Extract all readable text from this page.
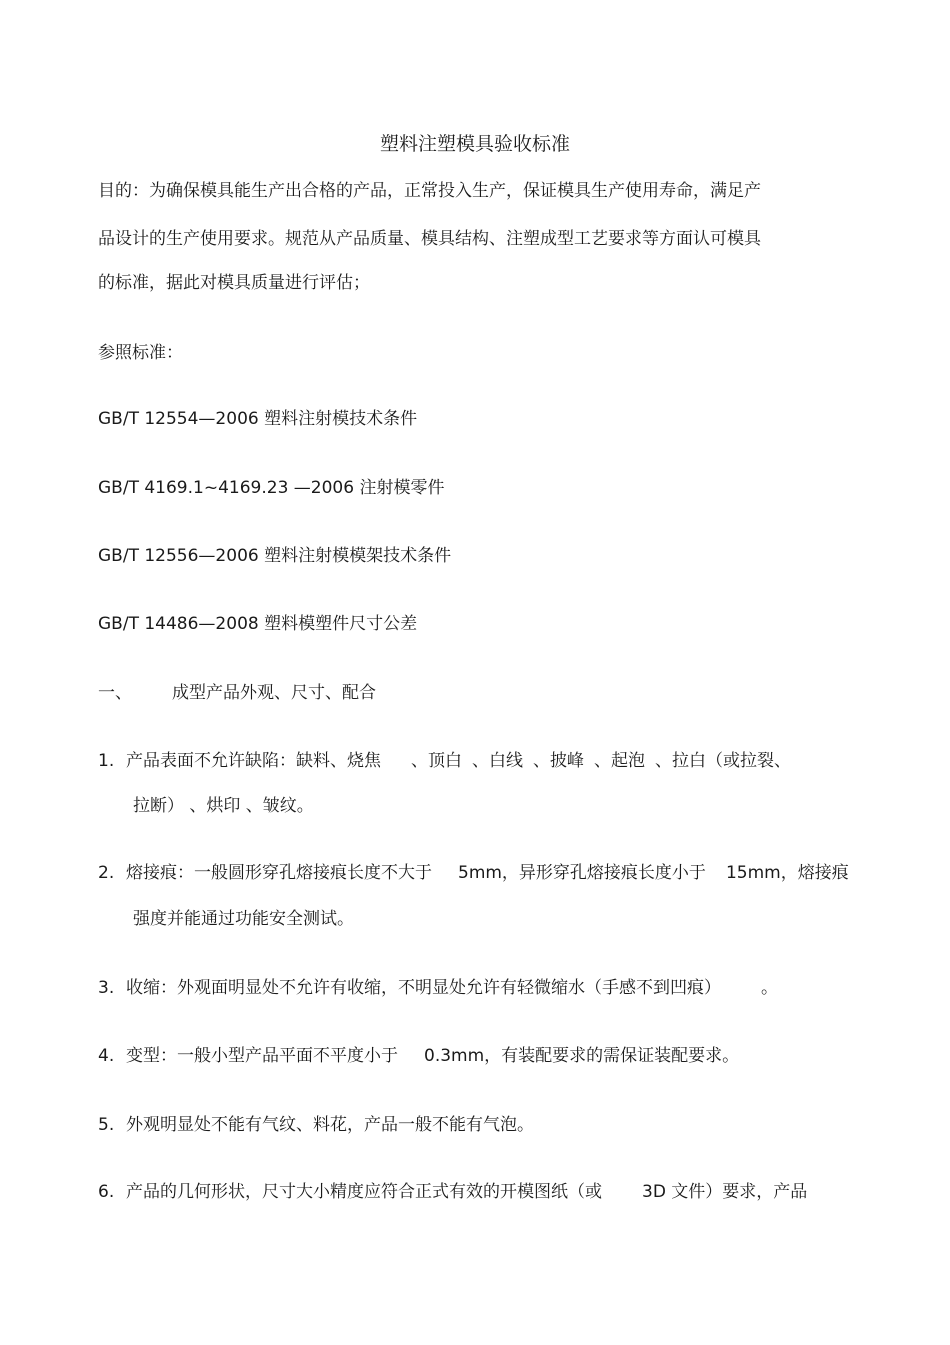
塑料注塑模具验收标准
目的：为确保模具能生产出合格的产品，正常投入生产，保证模具生产使用寿命，满足产
品设计的生产使用要求。规范从产品质量、模具结构、注塑成型工艺要求等方面认可模具
的标准，据此对模具质量进行评估；
参照标准：
GB/T 12554—2006 塑料注射模技术条件
GB/T 4169.1~4169.23 —2006 注射模零件
GB/T 12556—2006 塑料注射模模架技术条件
GB/T 14486—2008 塑料模塑件尺寸公差
一、 成型产品外观、尺寸、配合
1. 产品表面不允许缺陷：缺料、烧焦 、顶白 、白线 、披峰 、起泡 、拉白（或拉裂、
拉断） 、烘印 、皱纹。
2. 熔接痕：一般圆形穿孔熔接痕长度不大于 5mm，异形穿孔熔接痕长度小于 15mm，熔接痕
强度并能通过功能安全测试。
3. 收缩：外观面明显处不允许有收缩，不明显处允许有轻微缩水（手感不到凹痕） 。
4. 变型：一般小型产品平面不平度小于 0.3mm，有装配要求的需保证装配要求。
5. 外观明显处不能有气纹、料花，产品一般不能有气泡。
6. 产品的几何形状，尺寸大小精度应符合正式有效的开模图纸（或 3D 文件）要求，产品
